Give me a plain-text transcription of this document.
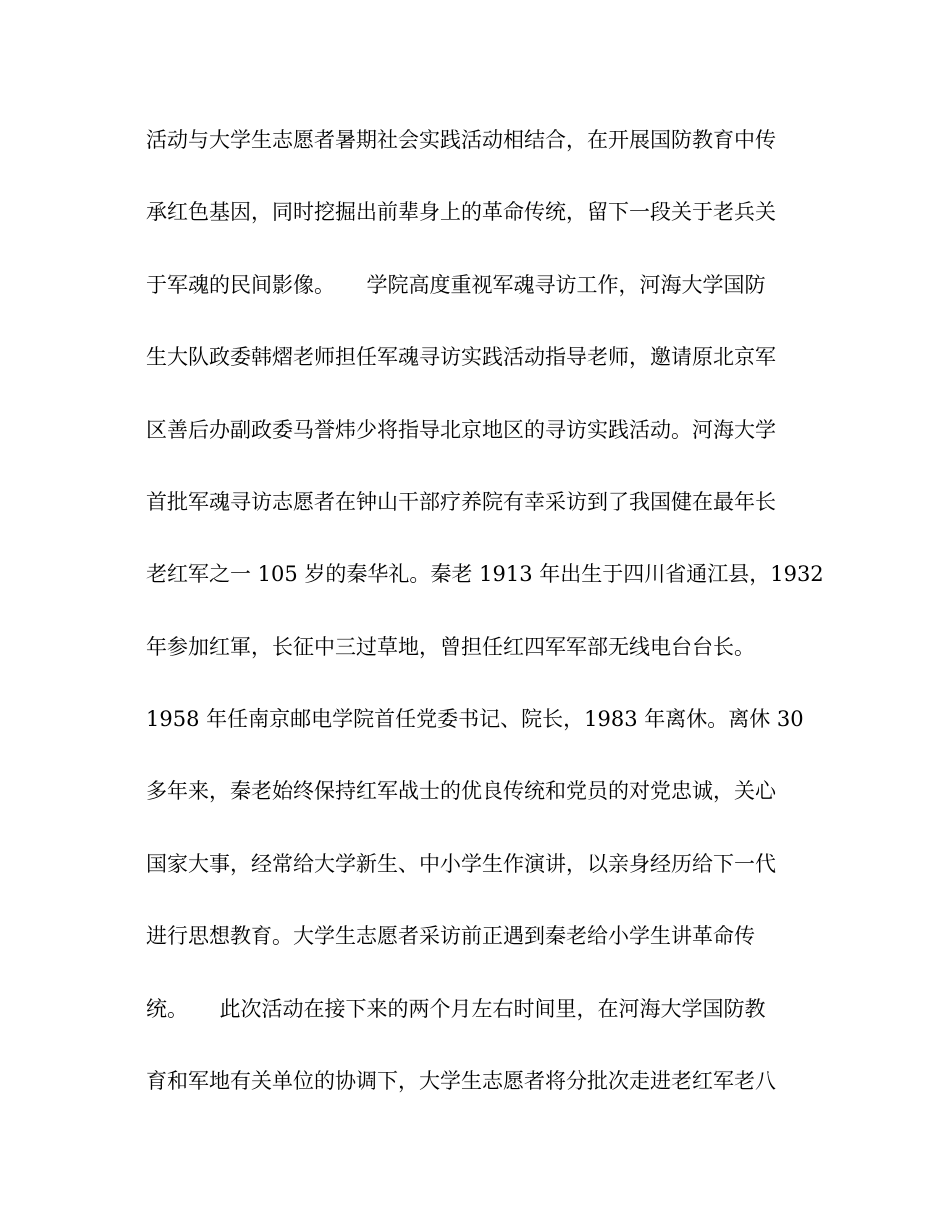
活动与大学生志愿者暑期社会实践活动相结合，在开展国防教育中传
承红色基因，同时挖掘出前辈身上的革命传统，留下一段关于老兵关
于军魂的民间影像。　　学院高度重视军魂寻访工作，河海大学国防
生大队政委韩熠老师担任军魂寻访实践活动指导老师，邀请原北京军
区善后办副政委马誉炜少将指导北京地区的寻访实践活动。河海大学
首批军魂寻访志愿者在钟山干部疗养院有幸采访到了我国健在最年长
老红军之一 105 岁的秦华礼。秦老 1913 年出生于四川省通江县，1932
年参加红軍，长征中三过草地，曾担任红四军军部无线电台台长。
1958 年任南京邮电学院首任党委书记、院长，1983 年离休。离休 30
多年来，秦老始终保持红军战士的优良传统和党员的对党忠诚，关心
国家大事，经常给大学新生、中小学生作演讲，以亲身经历给下一代
进行思想教育。大学生志愿者采访前正遇到秦老给小学生讲革命传
统。　　此次活动在接下来的两个月左右时间里，在河海大学国防教
育和军地有关单位的协调下，大学生志愿者将分批次走进老红军老八
